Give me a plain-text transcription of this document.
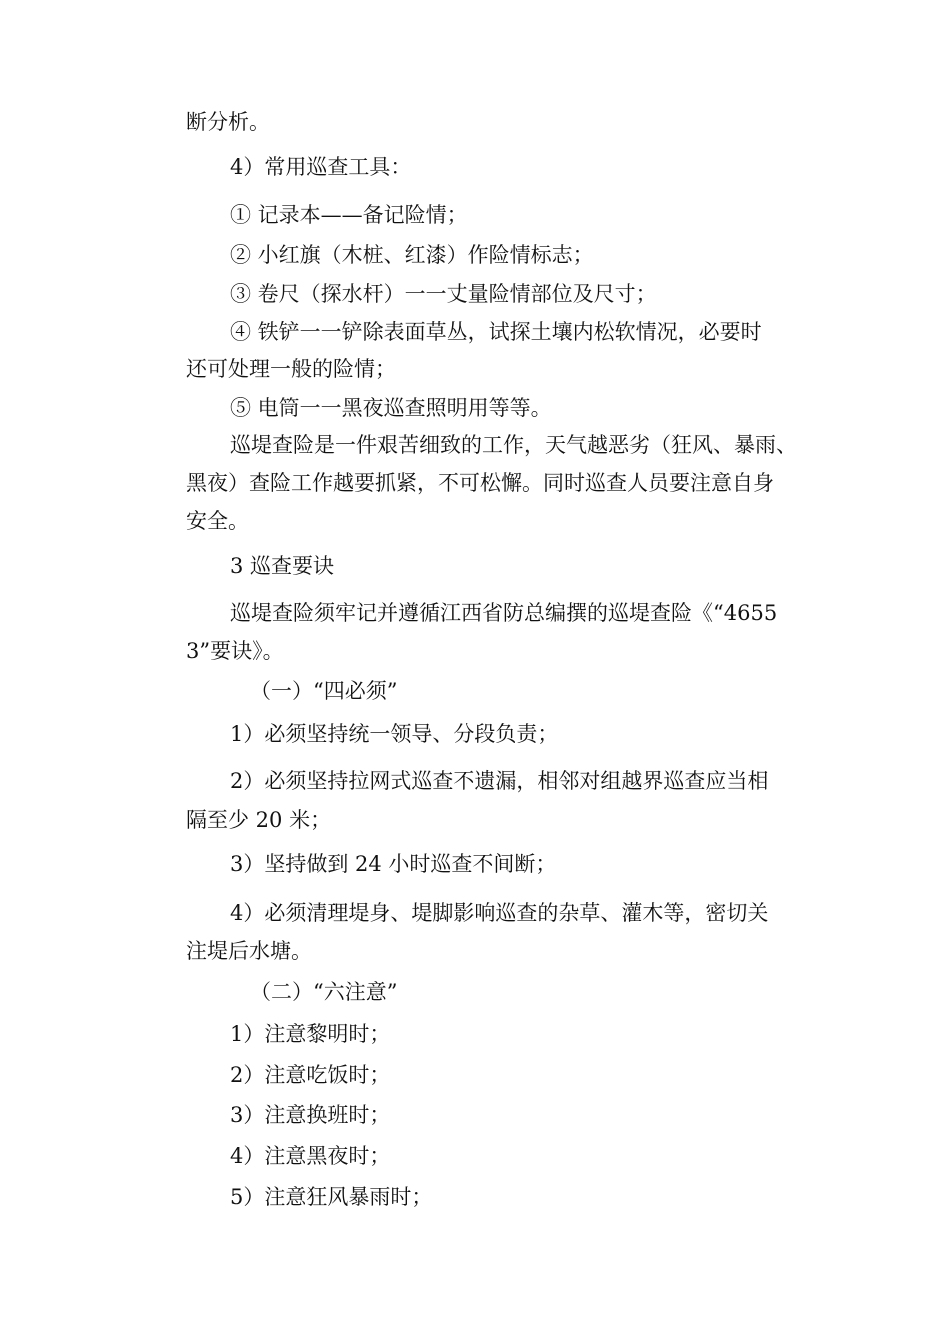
断分析。

4）常用巡查工具：

① 记录本——备记险情；

② 小红旗（木桩、红漆）作险情标志；

③ 卷尺（探水杆）一一丈量险情部位及尺寸；

④ 铁铲一一铲除表面草丛，试探土壤内松软情况，必要时

还可处理一般的险情；

⑤ 电筒一一黑夜巡查照明用等等。

巡堤查险是一件艰苦细致的工作，天气越恶劣（狂风、暴雨、

黑夜）查险工作越要抓紧，不可松懈。同时巡查人员要注意自身

安全。

3 巡查要诀

巡堤查险须牢记并遵循江西省防总编撰的巡堤查险《“4655

3”要诀》。

（一）“四必须”

1）必须坚持统一领导、分段负责；

2）必须坚持拉网式巡查不遗漏，相邻对组越界巡查应当相

隔至少 20 米；

3）坚持做到 24 小时巡查不间断；

4）必须清理堤身、堤脚影响巡查的杂草、灌木等，密切关

注堤后水塘。

（二）“六注意”

1）注意黎明时；

2）注意吃饭时；

3）注意换班时；

4）注意黑夜时；

5）注意狂风暴雨时；
